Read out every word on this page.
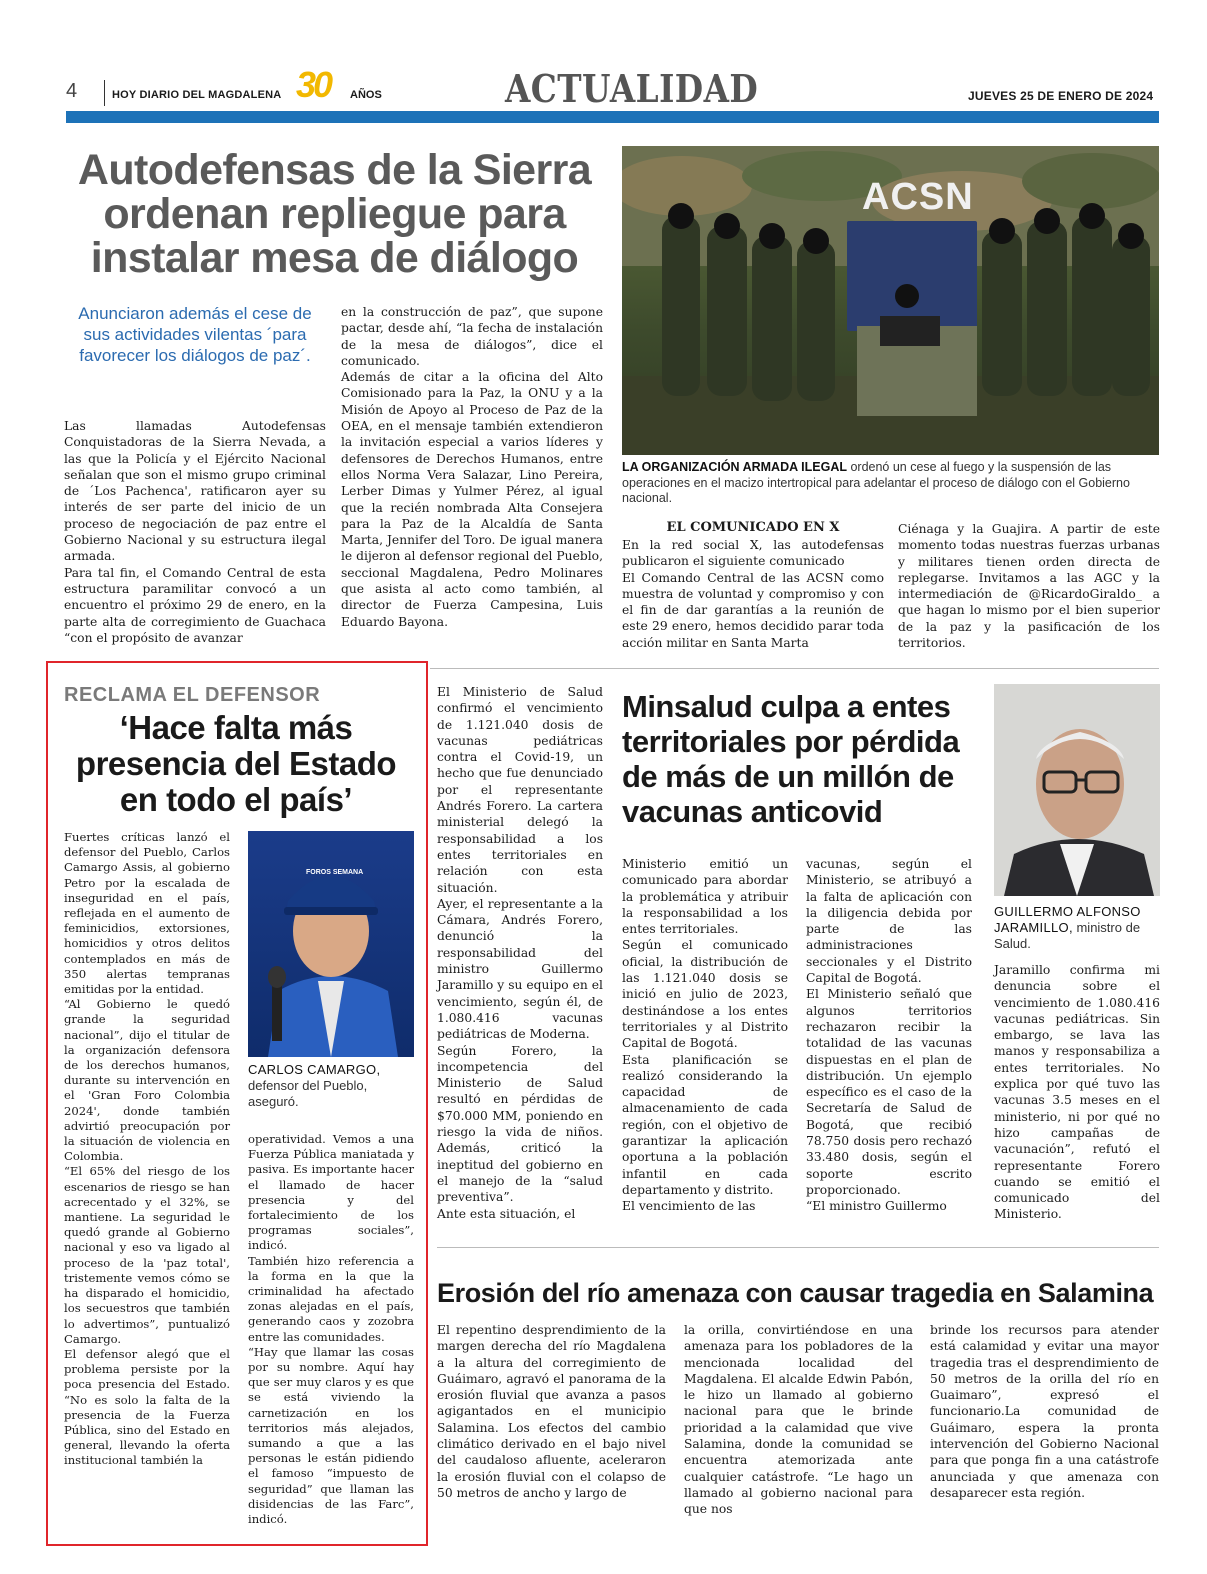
4	HOY DIARIO DEL MAGDALENA 30 AÑOS	ACTUALIDAD	JUEVES 25 DE ENERO DE 2024
Autodefensas de la Sierra ordenan repliegue para instalar mesa de diálogo
Anunciaron además el cese de sus actividades vilentas ´para favorecer los diálogos de paz´.

Las llamadas Autodefensas Conquistadoras de la Sierra Nevada, a las que la Policía y el Ejército Nacional señalan que son el mismo grupo criminal de ´Los Pachenca', ratificaron ayer su interés de ser parte del inicio de un proceso de negociación de paz entre el Gobierno Nacional y su estructura ilegal armada.

Para tal fin, el Comando Central de esta estructura paramilitar convocó a un encuentro el próximo 29 de enero, en la parte alta de corregimiento de Guachaca “con el propósito de avanzar

en la construcción de paz”, que supone pactar, desde ahí, “la fecha de instalación de la mesa de diálogos”, dice el comunicado.

Además de citar a la oficina del Alto Comisionado para la Paz, la ONU y a la Misión de Apoyo al Proceso de Paz de la OEA, en el mensaje también extendieron la invitación especial a varios líderes y defensores de Derechos Humanos, entre ellos Norma Vera Salazar, Lino Pereira, Lerber Dimas y Yulmer Pérez, al igual que la recién nombrada Alta Consejera para la Paz de la Alcaldía de Santa Marta, Jennifer del Toro. De igual manera le dijeron al defensor regional del Pueblo, seccional Magdalena, Pedro Molinares que asista al acto como también, al director de Fuerza Campesina, Luis Eduardo Bayona.

ACSN
LA ORGANIZACIÓN ARMADA ILEGAL ordenó un cese al fuego y la suspensión de las operaciones en el macizo intertropical para adelantar el proceso de diálogo con el Gobierno nacional.
EL COMUNICADO EN X

En la red social X, las autodefensas publicaron el siguiente comunicado

El Comando Central de las ACSN como muestra de voluntad y compromiso y con el fin de dar garantías a la reunión de este 29 enero, hemos decidido parar toda acción militar en Santa Marta

Ciénaga y la Guajira. A partir de este momento todas nuestras fuerzas urbanas y militares tienen orden directa de replegarse. Invitamos a las AGC y la intermediación de @RicardoGiraldo_ a que hagan lo mismo por el bien superior de la paz y la pasificación de los territorios.

RECLAMA EL DEFENSOR
‘Hace falta más presencia del Estado en todo el país’

Fuertes críticas lanzó el defensor del Pueblo, Carlos Camargo Assis, al gobierno Petro por la escalada de inseguridad en el país, reflejada en el aumento de feminicidios, extorsiones, homicidios y otros delitos contemplados en más de 350 alertas tempranas emitidas por la entidad.

“Al Gobierno le quedó grande la seguridad nacional”, dijo el titular de la organización defensora de los derechos humanos, durante su intervención en el 'Gran Foro Colombia 2024', donde también advirtió preocupación por la situación de violencia en Colombia.

“El 65% del riesgo de los escenarios de riesgo se han acrecentado y el 32%, se mantiene. La seguridad le quedó grande al Gobierno nacional y eso va ligado al proceso de la 'paz total', tristemente vemos cómo se ha disparado el homicidio, los secuestros que también lo advertimos”, puntualizó Camargo.

El defensor alegó que el problema persiste por la poca presencia del Estado. “No es solo la falta de la presencia de la Fuerza Pública, sino del Estado en general, llevando la oferta institucional también la

FOROS SEMANA
CARLOS CAMARGO,
defensor del Pueblo, aseguró.

operatividad. Vemos a una Fuerza Pública maniatada y pasiva. Es importante hacer el llamado de hacer presencia y del fortalecimiento de los programas sociales”, indicó.

También hizo referencia a la forma en la que la criminalidad ha afectado zonas alejadas en el país, generando caos y zozobra entre las comunidades.

“Hay que llamar las cosas por su nombre. Aquí hay que ser muy claros y es que se está viviendo la carnetización en los territorios más alejados, sumando a que a las personas le están pidiendo el famoso “impuesto de seguridad” que llaman las disidencias de las Farc”, indicó.

El Ministerio de Salud confirmó el vencimiento de 1.121.040 dosis de vacunas pediátricas contra el Covid-19, un hecho que fue denunciado por el representante Andrés Forero. La cartera ministerial delegó la responsabilidad a los entes territoriales en relación con esta situación.

Ayer, el representante a la Cámara, Andrés Forero, denunció la responsabilidad del ministro Guillermo Jaramillo y su equipo en el vencimiento, según él, de 1.080.416 vacunas pediátricas de Moderna.

Según Forero, la incompetencia del Ministerio de Salud resultó en pérdidas de $70.000 MM, poniendo en riesgo la vida de niños. Además, criticó la ineptitud del gobierno en el manejo de la “salud preventiva”.

Ante esta situación, el

Minsalud culpa a entes territoriales por pérdida de más de un millón de vacunas anticovid

Ministerio emitió un comunicado para abordar la problemática y atribuir la responsabilidad a los entes territoriales.

Según el comunicado oficial, la distribución de las 1.121.040 dosis se inició en julio de 2023, destinándose a los entes territoriales y al Distrito Capital de Bogotá.

Esta planificación se realizó considerando la capacidad de almacenamiento de cada región, con el objetivo de garantizar la aplicación oportuna a la población infantil en cada departamento y distrito.

El vencimiento de las

vacunas, según el Ministerio, se atribuyó a la falta de aplicación con la diligencia debida por parte de las administraciones seccionales y el Distrito Capital de Bogotá.

El Ministerio señaló que algunos territorios rechazaron recibir la totalidad de las vacunas dispuestas en el plan de distribución. Un ejemplo específico es el caso de la Secretaría de Salud de Bogotá, que recibió 78.750 dosis pero rechazó 33.480 dosis, según el soporte escrito proporcionado.

“El ministro Guillermo

GUILLERMO ALFONSO JARAMILLO, ministro de Salud.

Jaramillo confirma mi denuncia sobre el vencimiento de 1.080.416 vacunas pediátricas. Sin embargo, se lava las manos y responsabiliza a entes territoriales. No explica por qué tuvo las vacunas 3.5 meses en el ministerio, ni por qué no hizo campañas de vacunación”, refutó el representante Forero cuando se emitió el comunicado del Ministerio.

Erosión del río amenaza con causar tragedia en Salamina

El repentino desprendimiento de la margen derecha del río Magdalena a la altura del corregimiento de Guáimaro, agravó el panorama de la erosión fluvial que avanza a pasos agigantados en el municipio Salamina. Los efectos del cambio climático derivado en el bajo nivel del caudaloso afluente, aceleraron la erosión fluvial con el colapso de 50 metros de ancho y largo de

la orilla, convirtiéndose en una amenaza para los pobladores de la mencionada localidad del Magdalena. El alcalde Edwin Pabón, le hizo un llamado al gobierno nacional para que le brinde prioridad a la calamidad que vive Salamina, donde la comunidad se encuentra atemorizada ante cualquier catástrofe. “Le hago un llamado al gobierno nacional para que nos

brinde los recursos para atender está calamidad y evitar una mayor tragedia tras el desprendimiento de 50 metros de la orilla del río en Guaimaro”, expresó el funcionario.La comunidad de Guáimaro, espera la pronta intervención del Gobierno Nacional para que ponga fin a una catástrofe anunciada y que amenaza con desaparecer esta región.
